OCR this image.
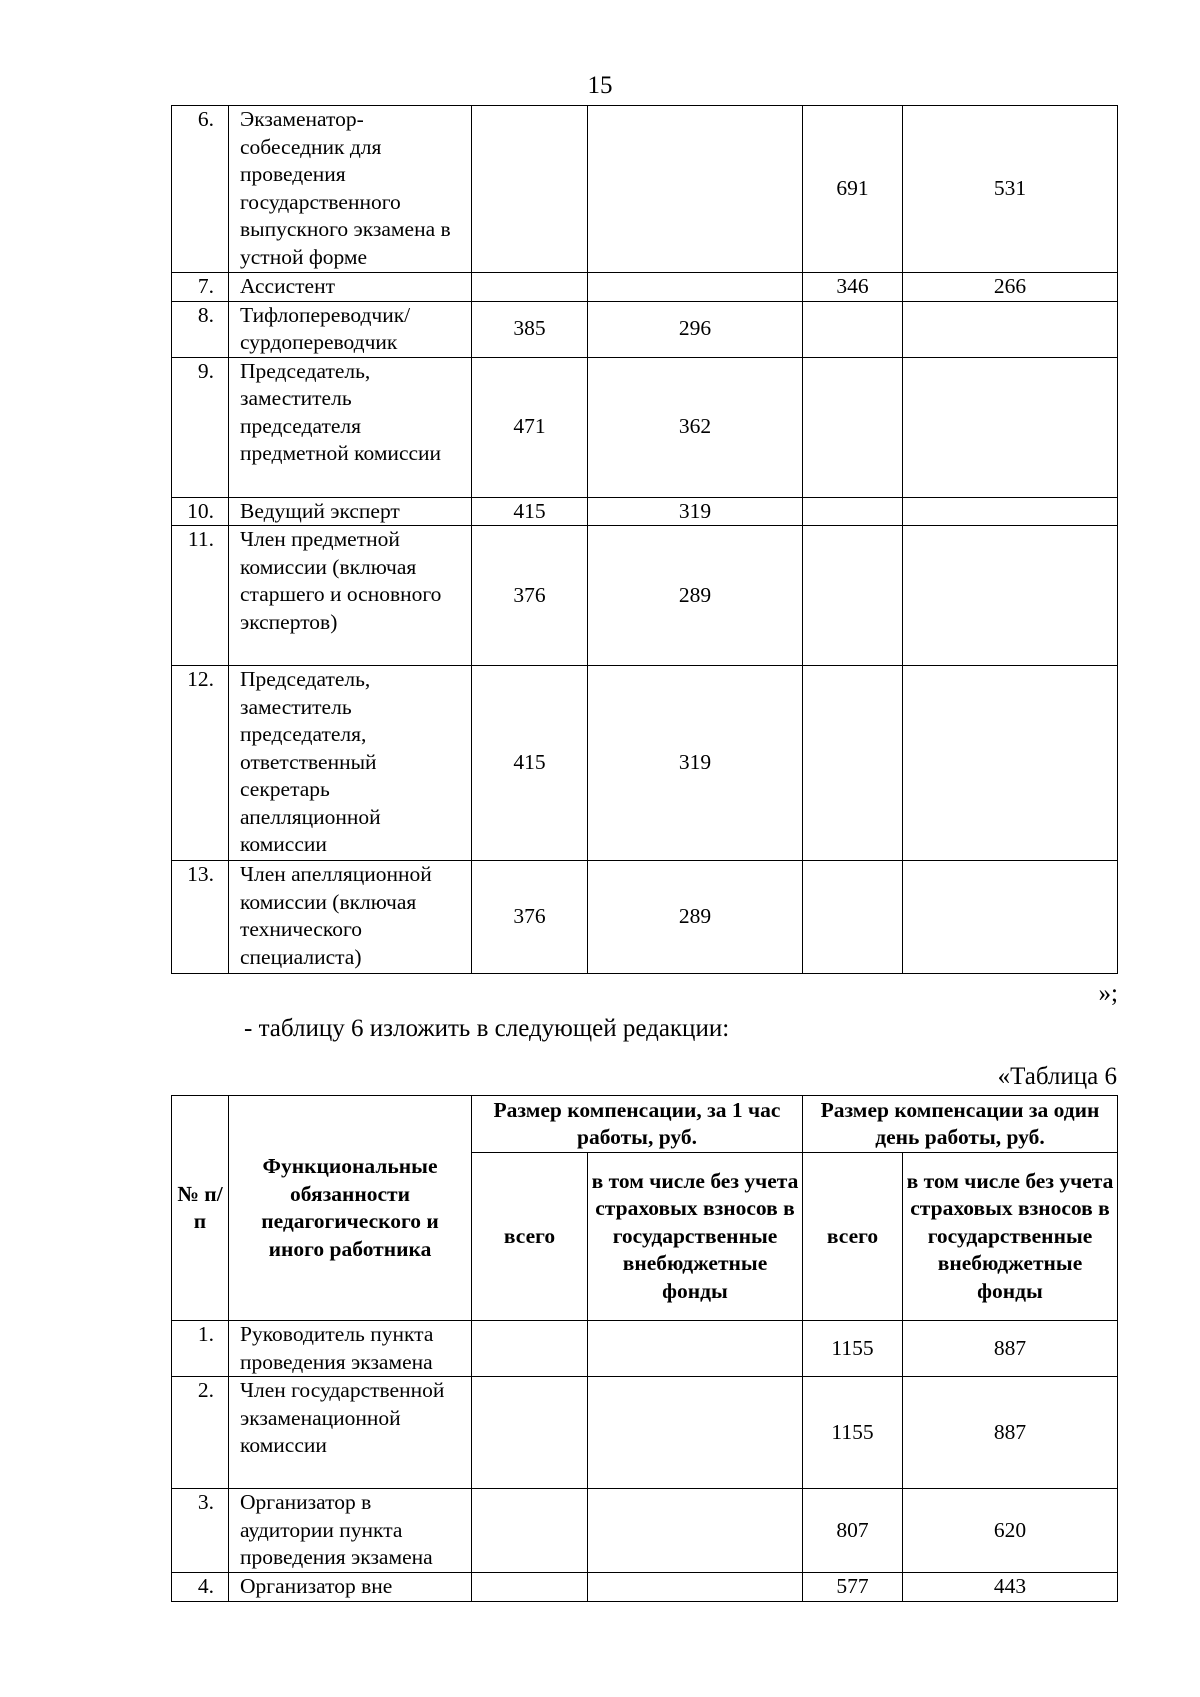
15
6.	Экзаменатор-собеседник для проведения государственного выпускного экзамена в устной форме			691	531
7.	Ассистент			346	266
8.	Тифлопереводчик/ сурдопереводчик	385	296		
9.	Председатель, заместитель председателя предметной комиссии	471	362		
10.	Ведущий эксперт	415	319		
11.	Член предметной комиссии (включая старшего и основного экспертов)	376	289		
12.	Председатель, заместитель председателя, ответственный секретарь апелляционной комиссии	415	319		
13.	Член апелляционной комиссии (включая технического специалиста)	376	289		
»;
- таблицу 6 изложить в следующей редакции:
«Таблица 6
№ п/п	Функциональные обязанности педагогического и иного работника	Размер компенсации, за 1 час работы, руб.		Размер компенсации за один день работы, руб.	
		всего	в том числе без учета страховых взносов в государственные внебюджетные фонды	всего	в том числе без учета страховых взносов в государственные внебюджетные фонды
1.	Руководитель пункта проведения экзамена			1155	887
2.	Член государственной экзаменационной комиссии			1155	887
3.	Организатор в аудитории пункта проведения экзамена			807	620
4.	Организатор вне			577	443
